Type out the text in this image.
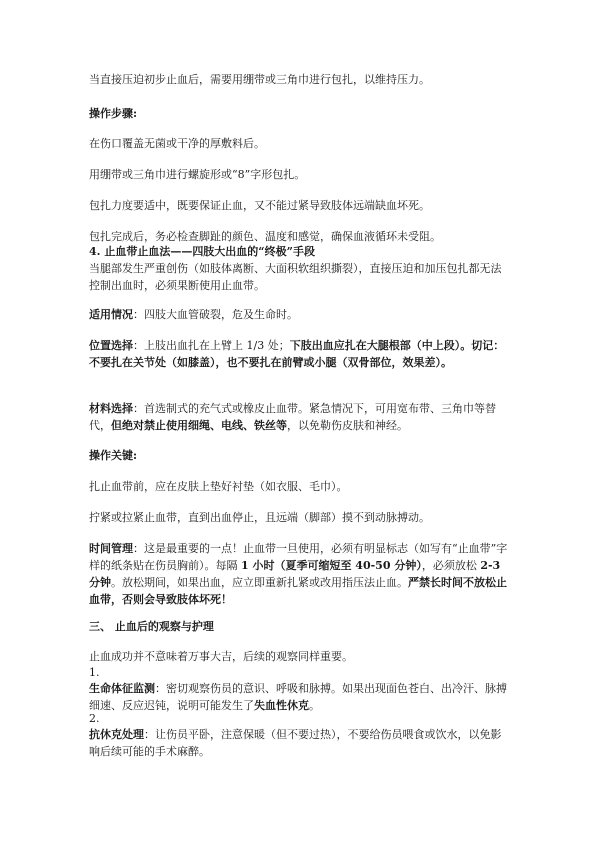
当直接压迫初步止血后，需要用绷带或三角巾进行包扎，以维持压力。

操作步骤:

在伤口覆盖无菌或干净的厚敷料后。

用绷带或三角巾进行螺旋形或“8”字形包扎。

包扎力度要适中，既要保证止血，又不能过紧导致肢体远端缺血坏死。

包扎完成后，务必检查脚趾的颜色、温度和感觉，确保血液循环未受阻。

4. 止血带止血法——四肢大出血的“终极”手段

当腿部发生严重创伤（如肢体离断、大面积软组织撕裂），直接压迫和加压包扎都无法控制出血时，必须果断使用止血带。

适用情况：四肢大血管破裂，危及生命时。

位置选择：上肢出血扎在上臂上 1/3 处；下肢出血应扎在大腿根部（中上段）。切记：不要扎在关节处（如膝盖），也不要扎在前臂或小腿（双骨部位，效果差）。

材料选择：首选制式的充气式或橡皮止血带。紧急情况下，可用宽布带、三角巾等替代，但绝对禁止使用细绳、电线、铁丝等，以免勒伤皮肤和神经。

操作关键:

扎止血带前，应在皮肤上垫好衬垫（如衣服、毛巾）。

拧紧或拉紧止血带，直到出血停止，且远端（脚部）摸不到动脉搏动。

时间管理：这是最重要的一点！止血带一旦使用，必须有明显标志（如写有“止血带”字样的纸条贴在伤员胸前）。每隔 1 小时（夏季可缩短至 40-50 分钟），必须放松 2-3 分钟。放松期间，如果出血，应立即重新扎紧或改用指压法止血。严禁长时间不放松止血带，否则会导致肢体坏死！

三、 止血后的观察与护理

止血成功并不意味着万事大吉，后续的观察同样重要。

1.

生命体征监测：密切观察伤员的意识、呼吸和脉搏。如果出现面色苍白、出冷汗、脉搏细速、反应迟钝，说明可能发生了失血性休克。

2.

抗休克处理：让伤员平卧，注意保暖（但不要过热），不要给伤员喂食或饮水，以免影响后续可能的手术麻醉。
